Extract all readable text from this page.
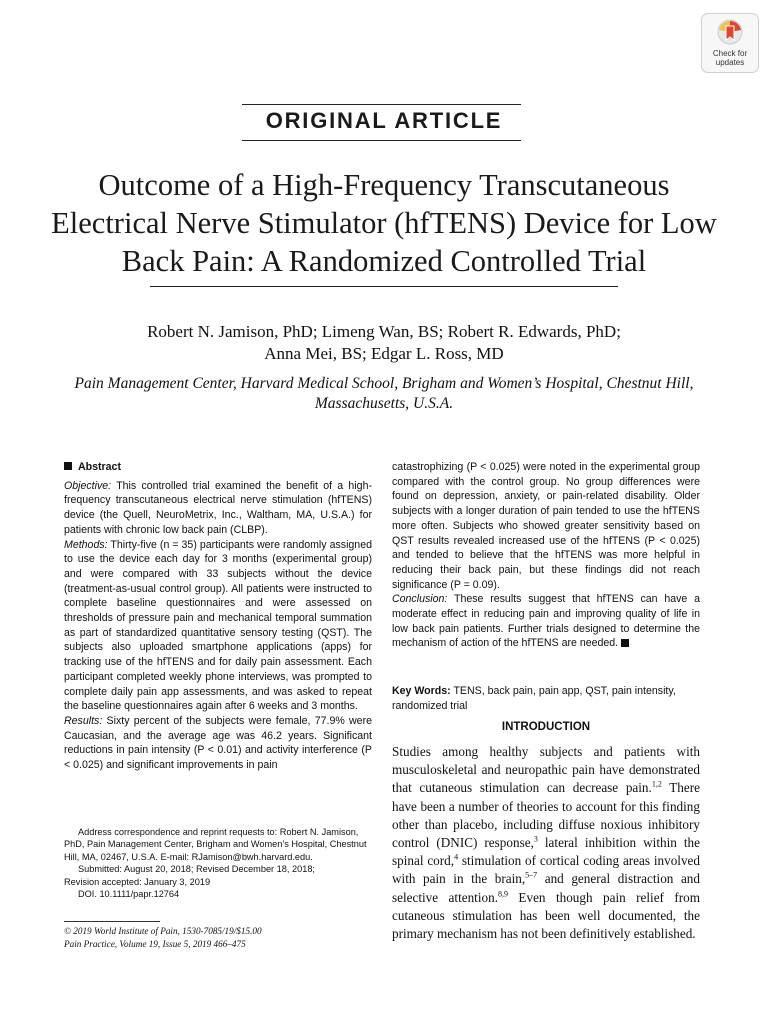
Check for
updates
ORIGINAL ARTICLE
Outcome of a High-Frequency Transcutaneous Electrical Nerve Stimulator (hfTENS) Device for Low Back Pain: A Randomized Controlled Trial
Robert N. Jamison, PhD; Limeng Wan, BS; Robert R. Edwards, PhD;
Anna Mei, BS; Edgar L. Ross, MD
Pain Management Center, Harvard Medical School, Brigham and Women’s Hospital, Chestnut Hill, Massachusetts, U.S.A.
Abstract
Objective: This controlled trial examined the benefit of a high-frequency transcutaneous electrical nerve stimulation (hfTENS) device (the Quell, NeuroMetrix, Inc., Waltham, MA, U.S.A.) for patients with chronic low back pain (CLBP).
Methods: Thirty-five (n = 35) participants were randomly assigned to use the device each day for 3 months (experimental group) and were compared with 33 subjects without the device (treatment-as-usual control group). All patients were instructed to complete baseline questionnaires and were assessed on thresholds of pressure pain and mechanical temporal summation as part of standardized quantitative sensory testing (QST). The subjects also uploaded smartphone applications (apps) for tracking use of the hfTENS and for daily pain assessment. Each participant completed weekly phone interviews, was prompted to complete daily pain app assessments, and was asked to repeat the baseline questionnaires again after 6 weeks and 3 months.
Results: Sixty percent of the subjects were female, 77.9% were Caucasian, and the average age was 46.2 years. Significant reductions in pain intensity (P < 0.01) and activity interference (P < 0.025) and significant improvements in pain
catastrophizing (P < 0.025) were noted in the experimental group compared with the control group. No group differences were found on depression, anxiety, or pain-related disability. Older subjects with a longer duration of pain tended to use the hfTENS more often. Subjects who showed greater sensitivity based on QST results revealed increased use of the hfTENS (P < 0.025) and tended to believe that the hfTENS was more helpful in reducing their back pain, but these findings did not reach significance (P = 0.09).
Conclusion: These results suggest that hfTENS can have a moderate effect in reducing pain and improving quality of life in low back pain patients. Further trials designed to determine the mechanism of action of the hfTENS are needed.
Key Words: TENS, back pain, pain app, QST, pain intensity, randomized trial
INTRODUCTION
Studies among healthy subjects and patients with musculoskeletal and neuropathic pain have demonstrated that cutaneous stimulation can decrease pain.$^{1,2}$ There have been a number of theories to account for this finding other than placebo, including diffuse noxious inhibitory control (DNIC) response,$^3$ lateral inhibition within the spinal cord,$^4$ stimulation of cortical coding areas involved with pain in the brain,$^{5-7}$ and general distraction and selective attention.$^{8,9}$ Even though pain relief from cutaneous stimulation has been well documented, the primary mechanism has not been definitively established.

Address correspondence and reprint requests to: Robert N. Jamison, PhD, Pain Management Center, Brigham and Women’s Hospital, Chestnut Hill, MA, 02467, U.S.A. E-mail: RJamison@bwh.harvard.edu.

Submitted: August 20, 2018; Revised December 18, 2018;

Revision accepted: January 3, 2019

DOI. 10.1111/papr.12764

© 2019 World Institute of Pain, 1530-7085/19/$15.00
Pain Practice, Volume 19, Issue 5, 2019 466–475
